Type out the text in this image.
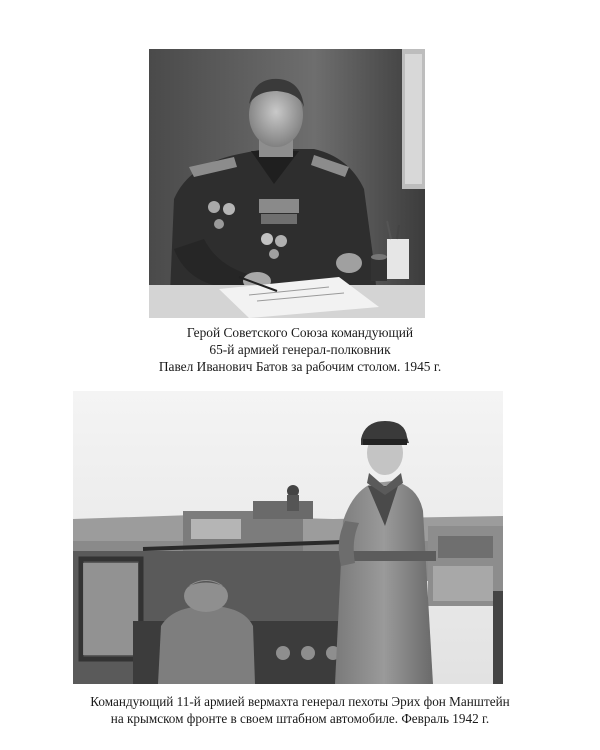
Герой Советского Союза командующий
65-й армией генерал-полковник
Павел Иванович Батов за рабочим столом. 1945 г.
Командующий 11-й армией вермахта генерал пехоты Эрих фон Манштейн
на крымском фронте в своем штабном автомобиле. Февраль 1942 г.
